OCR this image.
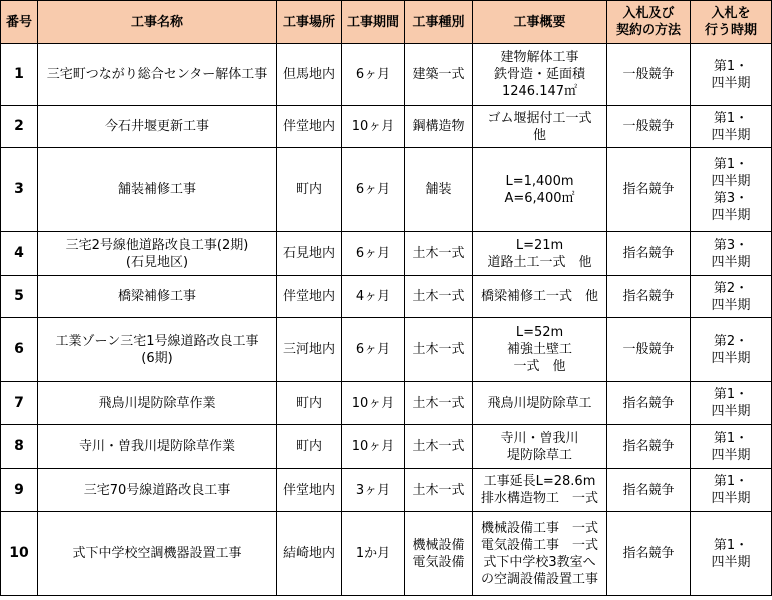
番号	工事名称	工事場所	工事期間	工事種別	工事概要	入札及び
契約の方法	入札を
行う時期
1	三宅町つながり総合センター解体工事	但馬地内	6ヶ月	建築一式	建物解体工事
鉄骨造・延面積
1246.147㎡	一般競争	第1・
四半期
2	今石井堰更新工事	伴堂地内	10ヶ月	鋼構造物	ゴム堰据付工一式
他	一般競争	第1・
四半期
3	舗装補修工事	町内	6ヶ月	舗装	L=1,400m
A=6,400㎡	指名競争	第1・
四半期
第3・
四半期
4	三宅2号線他道路改良工事(2期)
(石見地区)	石見地内	6ヶ月	土木一式	L=21m
道路土工一式　他	指名競争	第3・
四半期
5	橋梁補修工事	伴堂地内	4ヶ月	土木一式	橋梁補修工一式　他	指名競争	第2・
四半期
6	工業ゾーン三宅1号線道路改良工事
(6期)	三河地内	6ヶ月	土木一式	L=52m
補強土壁工
一式　他	一般競争	第2・
四半期
7	飛鳥川堤防除草作業	町内	10ヶ月	土木一式	飛鳥川堤防除草工	指名競争	第1・
四半期
8	寺川・曽我川堤防除草作業	町内	10ヶ月	土木一式	寺川・曽我川
堤防除草工	指名競争	第1・
四半期
9	三宅70号線道路改良工事	伴堂地内	3ヶ月	土木一式	工事延長L=28.6m
排水構造物工　一式	指名競争	第1・
四半期
10	式下中学校空調機器設置工事	結崎地内	1か月	機械設備
電気設備	機械設備工事　一式
電気設備工事　一式
式下中学校3教室へ
の空調設備設置工事	指名競争	第1・
四半期
